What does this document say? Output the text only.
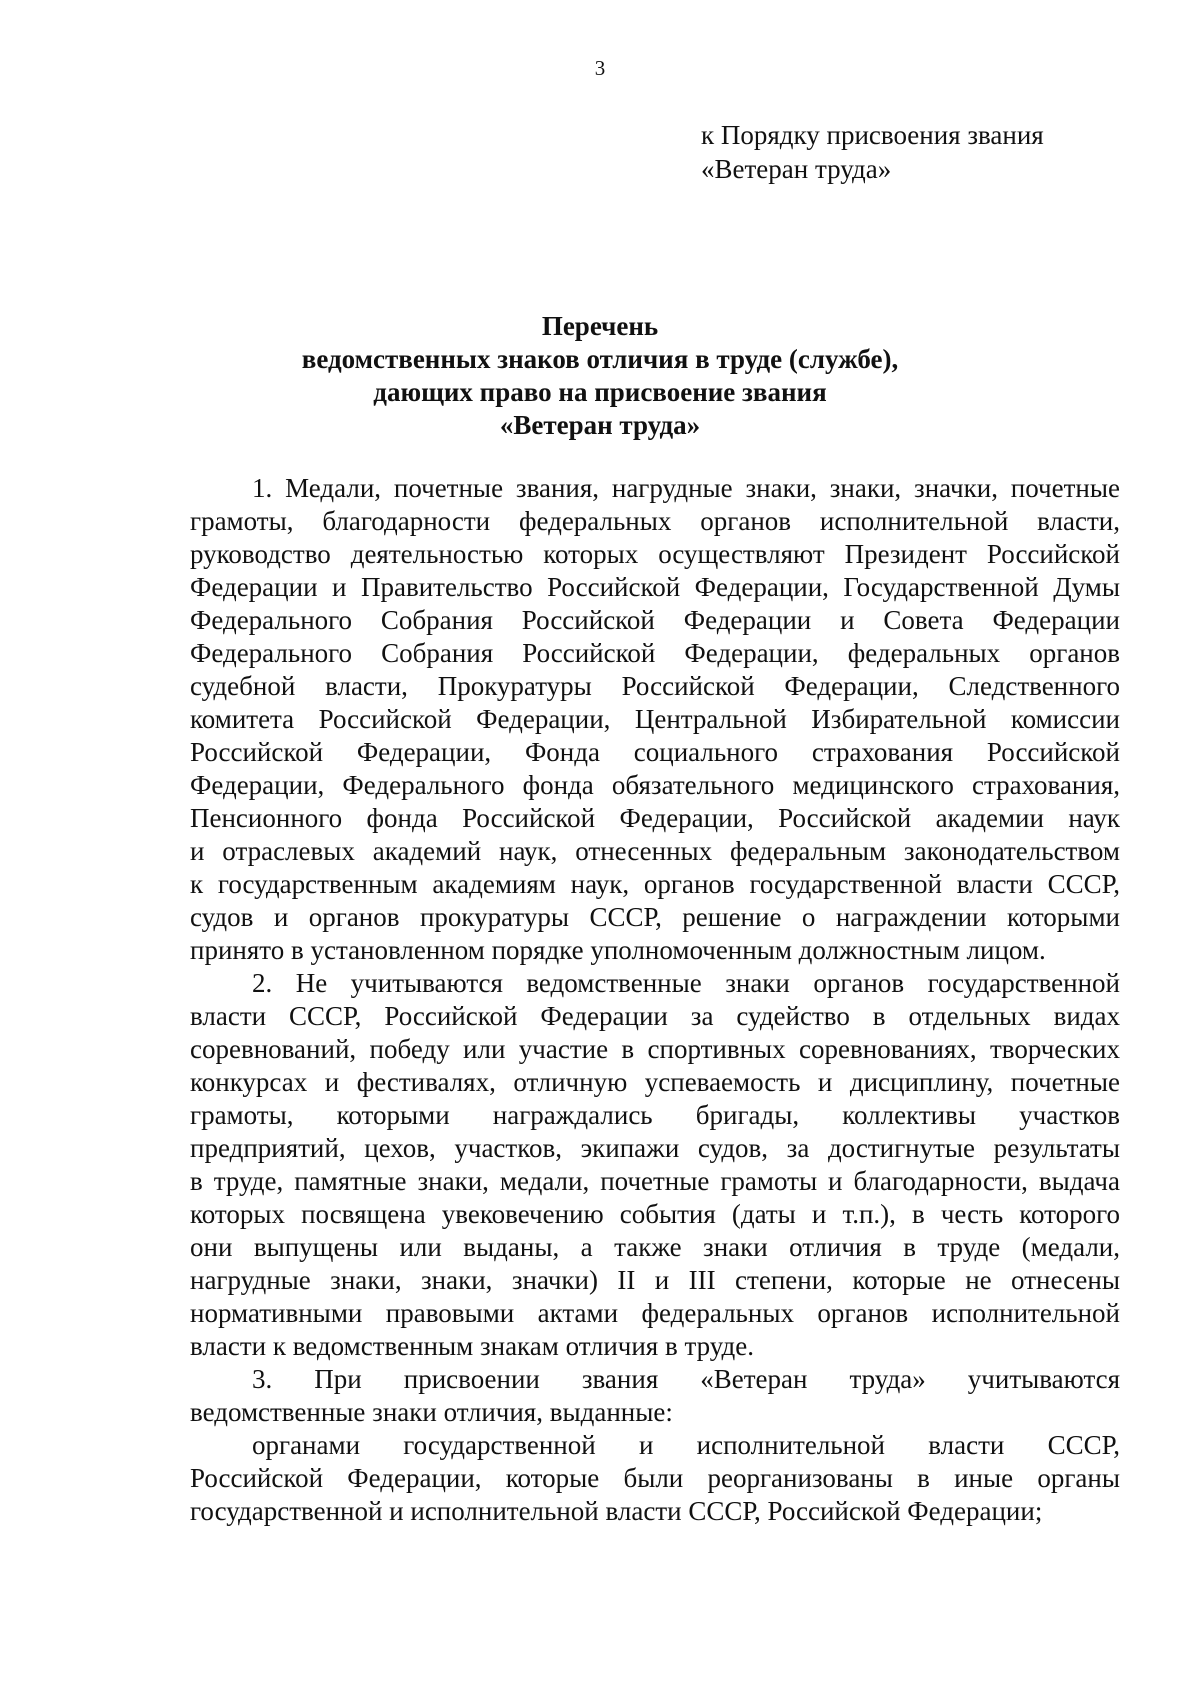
3
к Порядку присвоения звания
«Ветеран труда»
Перечень
ведомственных знаков отличия в труде (службе),
дающих право на присвоение звания
«Ветеран труда»
1. Медали, почетные звания, нагрудные знаки, знаки, значки, почетные
грамоты, благодарности федеральных органов исполнительной власти,
руководство деятельностью которых осуществляют Президент Российской
Федерации и Правительство Российской Федерации, Государственной Думы
Федерального Собрания Российской Федерации и Совета Федерации
Федерального Собрания Российской Федерации, федеральных органов
судебной власти, Прокуратуры Российской Федерации, Следственного
комитета Российской Федерации, Центральной Избирательной комиссии
Российской Федерации, Фонда социального страхования Российской
Федерации, Федерального фонда обязательного медицинского страхования,
Пенсионного фонда Российской Федерации, Российской академии наук
и отраслевых академий наук, отнесенных федеральным законодательством
к государственным академиям наук, органов государственной власти СССР,
судов и органов прокуратуры СССР, решение о награждении которыми
принято в установленном порядке уполномоченным должностным лицом.
2. Не учитываются ведомственные знаки органов государственной
власти СССР, Российской Федерации за судейство в отдельных видах
соревнований, победу или участие в спортивных соревнованиях, творческих
конкурсах и фестивалях, отличную успеваемость и дисциплину, почетные
грамоты, которыми награждались бригады, коллективы участков
предприятий, цехов, участков, экипажи судов, за достигнутые результаты
в труде, памятные знаки, медали, почетные грамоты и благодарности, выдача
которых посвящена увековечению события (даты и т.п.), в честь которого
они выпущены или выданы, а также знаки отличия в труде (медали,
нагрудные знаки, знаки, значки) II и III степени, которые не отнесены
нормативными правовыми актами федеральных органов исполнительной
власти к ведомственным знакам отличия в труде.
3. При присвоении звания «Ветеран труда» учитываются
ведомственные знаки отличия, выданные:
органами государственной и исполнительной власти СССР,
Российской Федерации, которые были реорганизованы в иные органы
государственной и исполнительной власти СССР, Российской Федерации;
